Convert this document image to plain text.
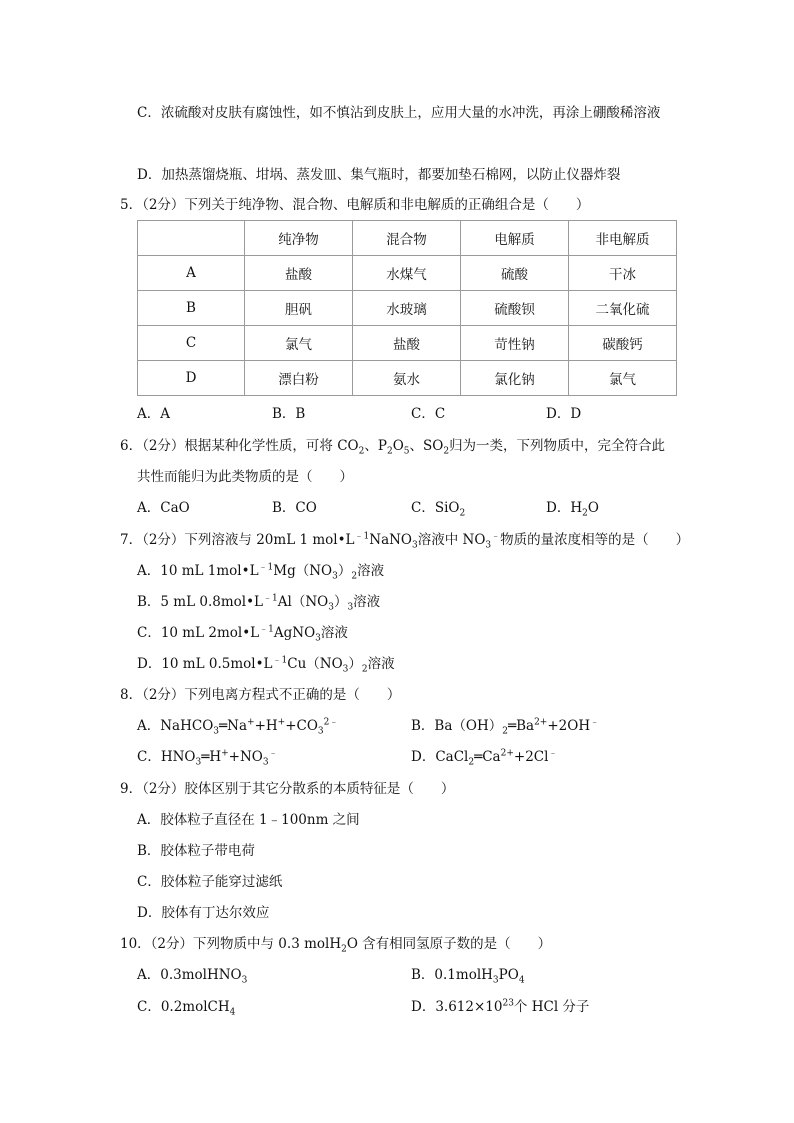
C．浓硫酸对皮肤有腐蚀性，如不慎沾到皮肤上，应用大量的水冲洗，再涂上硼酸稀溶液
D．加热蒸馏烧瓶、坩埚、蒸发皿、集气瓶时，都要加垫石棉网，以防止仪器炸裂
5．（2分）下列关于纯净物、混合物、电解质和非电解质的正确组合是（　　）
	纯净物	混合物	电解质	非电解质
A	盐酸	水煤气	硫酸	干冰
B	胆矾	水玻璃	硫酸钡	二氧化硫
C	氯气	盐酸	苛性钠	碳酸钙
D	漂白粉	氨水	氯化钠	氯气
A．A	B．B	C．C	D．D
6．（2分）根据某种化学性质，可将 $CO_2$、$P_2O_5$、$SO_2$归为一类，下列物质中，完全符合此
共性而能归为此类物质的是（　　）
A．CaO	B．CO	C．SiO$_2$	D．$H_2O$
7．（2分）下列溶液与 20mL 1 $mol•L^{﹣1}NaNO_3$溶液中 $NO_3^﹣$物质的量浓度相等的是（　　）
A．10 mL $1mol•L^{﹣1}Mg(NO_3)_2$溶液
B．5 mL $0.8mol•L^{﹣1}Al(NO_3)_3$溶液
C．10 mL $2mol•L^{﹣1}AgNO_3$溶液
D．10 mL $0.5mol•L^{﹣1}Cu(NO_3)_2$溶液
8．（2分）下列电离方程式不正确的是（　　）
A．$NaHCO_3═Na^++H^++CO_3^{2﹣}$	B．$Ba(OH)_2═Ba^{2+}+2OH^﹣$
C．$HNO_3═H^++NO_3^﹣$	D．$CaCl_2═Ca^{2+}+2Cl^﹣$
9．（2分）胶体区别于其它分散系的本质特征是（　　）
A．胶体粒子直径在 1﹣100nm 之间
B．胶体粒子带电荷
C．胶体粒子能穿过滤纸
D．胶体有丁达尔效应
10．（2分）下列物质中与 0.3 molH$_2$O 含有相同氢原子数的是（　　）
A．0.3molHNO$_3$	B．$0.1molH_3PO_4$
C．0.2molCH$_4$	D．$3.612\times 10^{23}$个 HCl 分子
